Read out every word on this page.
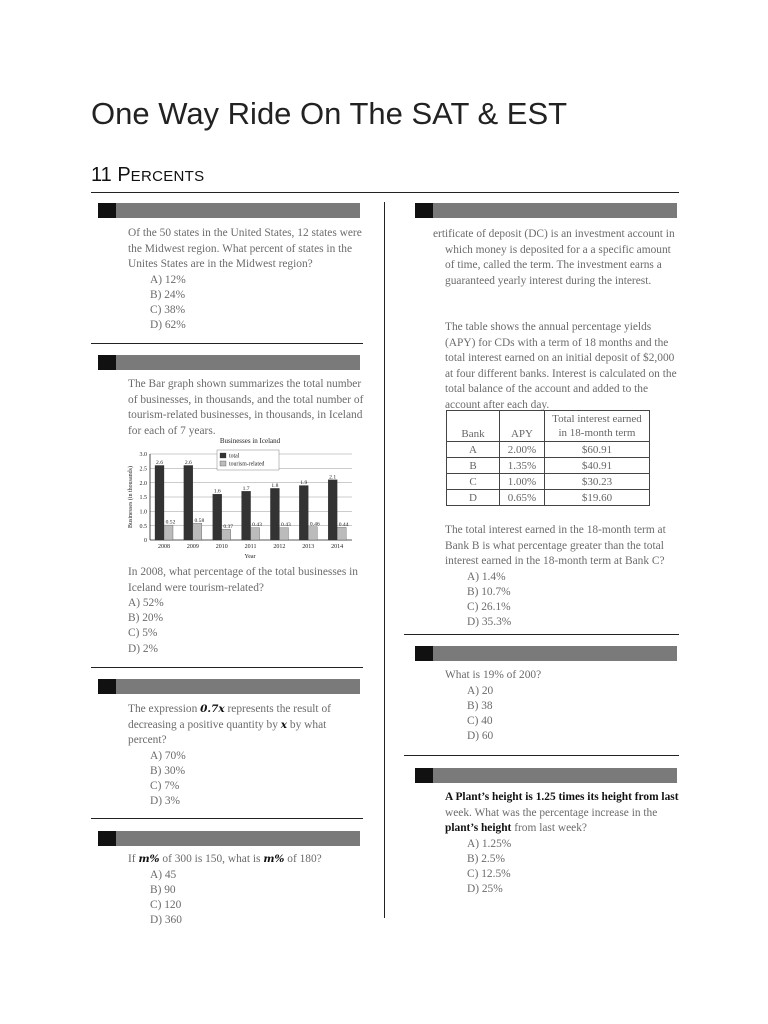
One Way Ride On The SAT & EST
11 PERCENTS

Of the 50 states in the United States, 12 states were the Midwest region. What percent of states in the Unites States are in the Midwest region?

A) 12%
B) 24%
C) 38%
D) 62%

The Bar graph shown summarizes the total number of businesses, in thousands, and the total number of tourism-related businesses, in thousands, in Iceland for each of 7 years.

Businesses in Iceland
0
0.5
1.0
1.5
2.0
2.5
3.0
Businesses (in thousands)
2.6
0.52
2008
2.6
0.58
2009
1.6
0.37
2010
1.7
0.43
2011
1.8
0.43
2012
1.9
0.46
2013
2.1
0.44
2014
Year
total
tourism-related

In 2008, what percentage of the total businesses in Iceland were tourism-related?

A) 52%
B) 20%
C) 5%
D) 2%

The expression 0.7x represents the result of decreasing a positive quantity by x by what percent?

A) 70%
B) 30%
C) 7%
D) 3%

If m% of 300 is 150, what is m% of 180?

A) 45
B) 90
C) 120
D) 360

ertificate of deposit (DC) is an investment account in which money is deposited for a a specific amount of time, called the term. The investment earns a guaranteed yearly interest during the interest.

The table shows the annual percentage yields (APY) for CDs with a term of 18 months and the total interest earned on an initial deposit of $2,000 at four different banks. Interest is calculated on the total balance of the account and added to the account after each day.

Bank	APY	Total interest earned in 18-month term
A	2.00%	$60.91
B	1.35%	$40.91
C	1.00%	$30.23
D	0.65%	$19.60

The total interest earned in the 18-month term at Bank B is what percentage greater than the total interest earned in the 18-month term at Bank C?

A) 1.4%
B) 10.7%
C) 26.1%
D) 35.3%

What is 19% of 200?

A) 20
B) 38
C) 40
D) 60

A Plant’s height is 1.25 times its height from last week. What was the percentage increase in the plant’s height from last week?

A) 1.25%
B) 2.5%
C) 12.5%
D) 25%
